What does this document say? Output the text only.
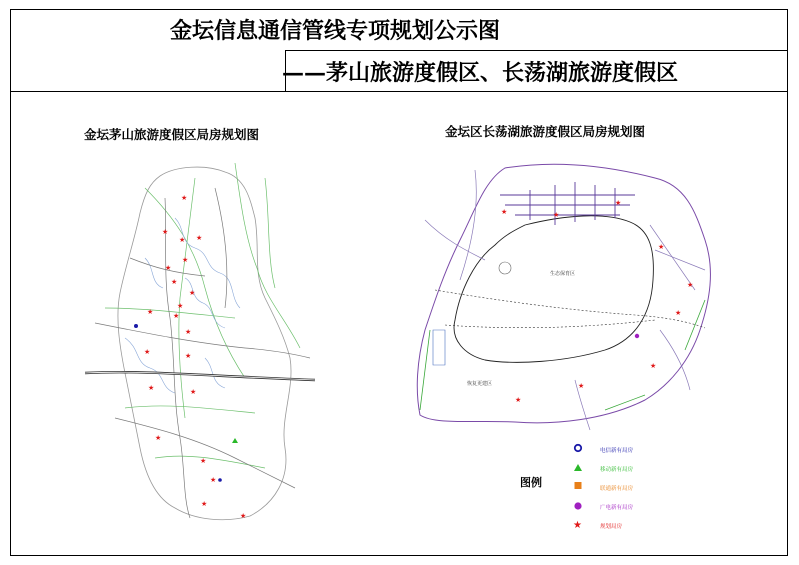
金坛信息通信管线专项规划公示图
——茅山旅游度假区、长荡湖旅游度假区
金坛茅山旅游度假区局房规划图	金坛区长荡湖旅游度假区局房规划图
★
★
★ ★
★
★
★
★
★
★	★
★
★	★
★	★
★
★
★
★
★
生态保育区
恢复更建区
★	★
★
★
★
★
★
★
★
图例
★
电信新有局房
移动新有局房
联通新有局房
广电新有局房
规划局房
